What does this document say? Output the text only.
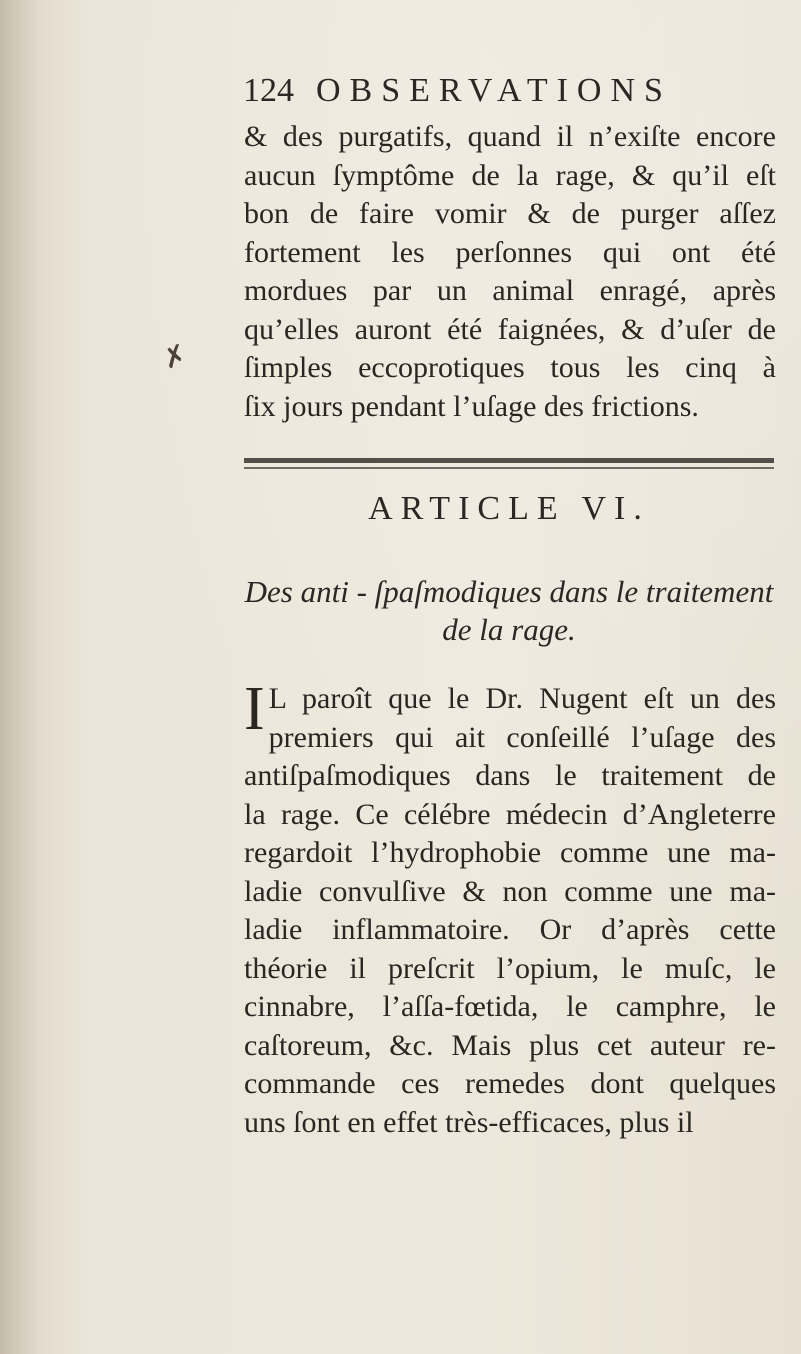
124 OBSERVATIONS
& des purgatifs, quand il n’exiſte encore
aucun ſymptôme de la rage, & qu’il eſt
bon de faire vomir & de purger aſſez
fortement les perſonnes qui ont été
mordues par un animal enragé, après
qu’elles auront été faignées, & d’uſer de
ſimples eccoprotiques tous les cinq à
ſix jours pendant l’uſage des frictions.
✗
ARTICLE VI.
Des anti - ſpaſmodiques dans le traitement
de la rage.
I L paroît que le Dr. Nugent eſt un des
premiers qui ait conſeillé l’uſage des
antiſpaſmodiques dans le traitement de
la rage. Ce célébre médecin d’Angleterre
regardoit l’hydrophobie comme une ma-
ladie convulſive & non comme une ma-
ladie inflammatoire. Or d’après cette
théorie il preſcrit l’opium, le muſc, le
cinnabre, l’aſſa-fœtida, le camphre, le
caſtoreum, &c. Mais plus cet auteur re-
commande ces remedes dont quelques
uns ſont en effet très-efficaces, plus il
